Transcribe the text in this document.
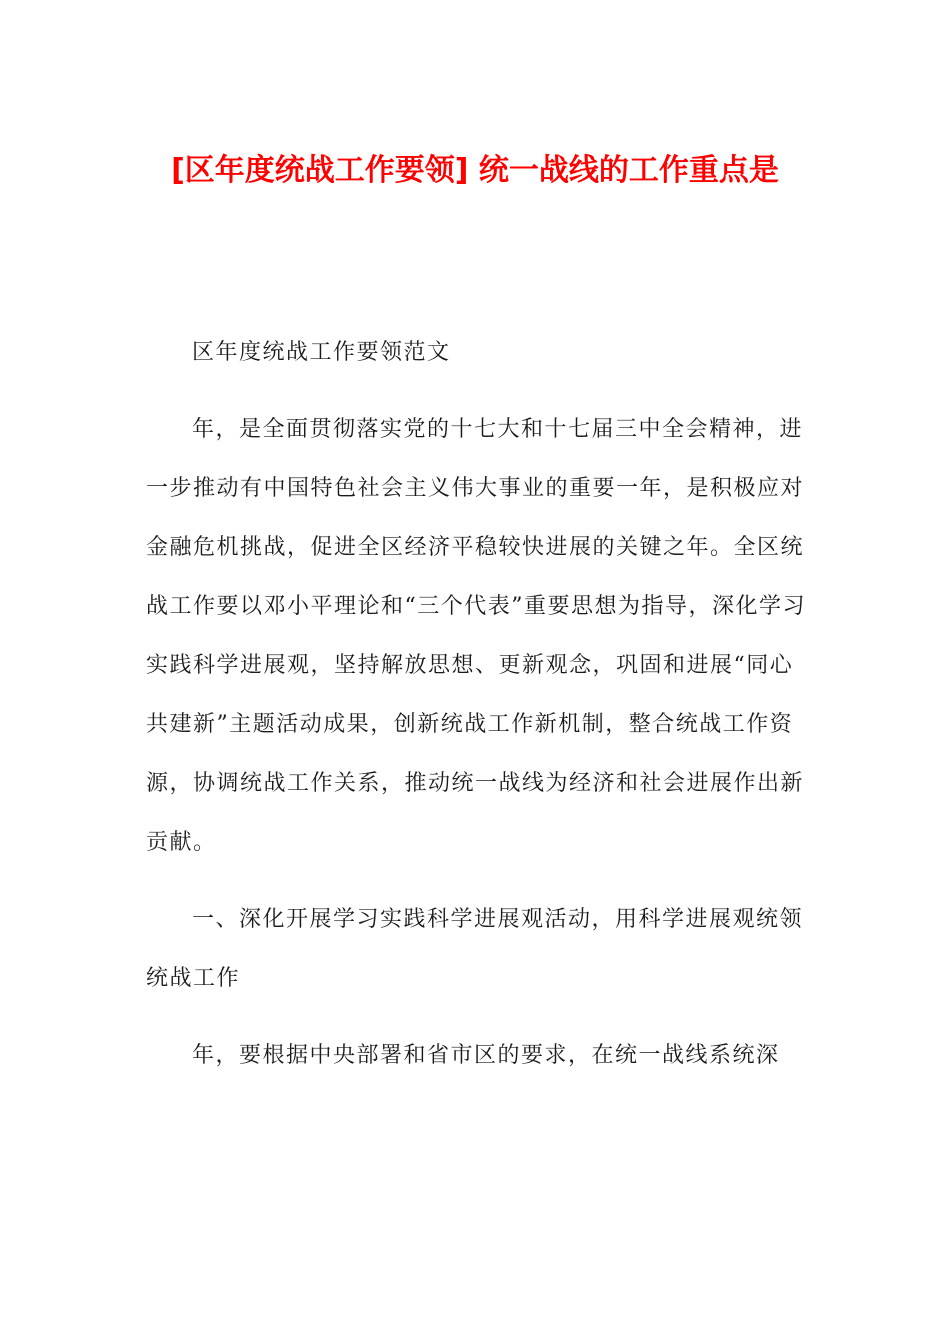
[区年度统战工作要领] 统一战线的工作重点是

区年度统战工作要领范文

年，是全面贯彻落实党的十七大和十七届三中全会精神，进一步推动有中国特色社会主义伟大事业的重要一年，是积极应对金融危机挑战，促进全区经济平稳较快进展的关键之年。全区统战工作要以邓小平理论和“三个代表”重要思想为指导，深化学习实践科学进展观，坚持解放思想、更新观念，巩固和进展“同心共建新”主题活动成果，创新统战工作新机制，整合统战工作资源，协调统战工作关系，推动统一战线为经济和社会进展作出新贡献。

一、深化开展学习实践科学进展观活动，用科学进展观统领统战工作

年，要根据中央部署和省市区的要求，在统一战线系统深
